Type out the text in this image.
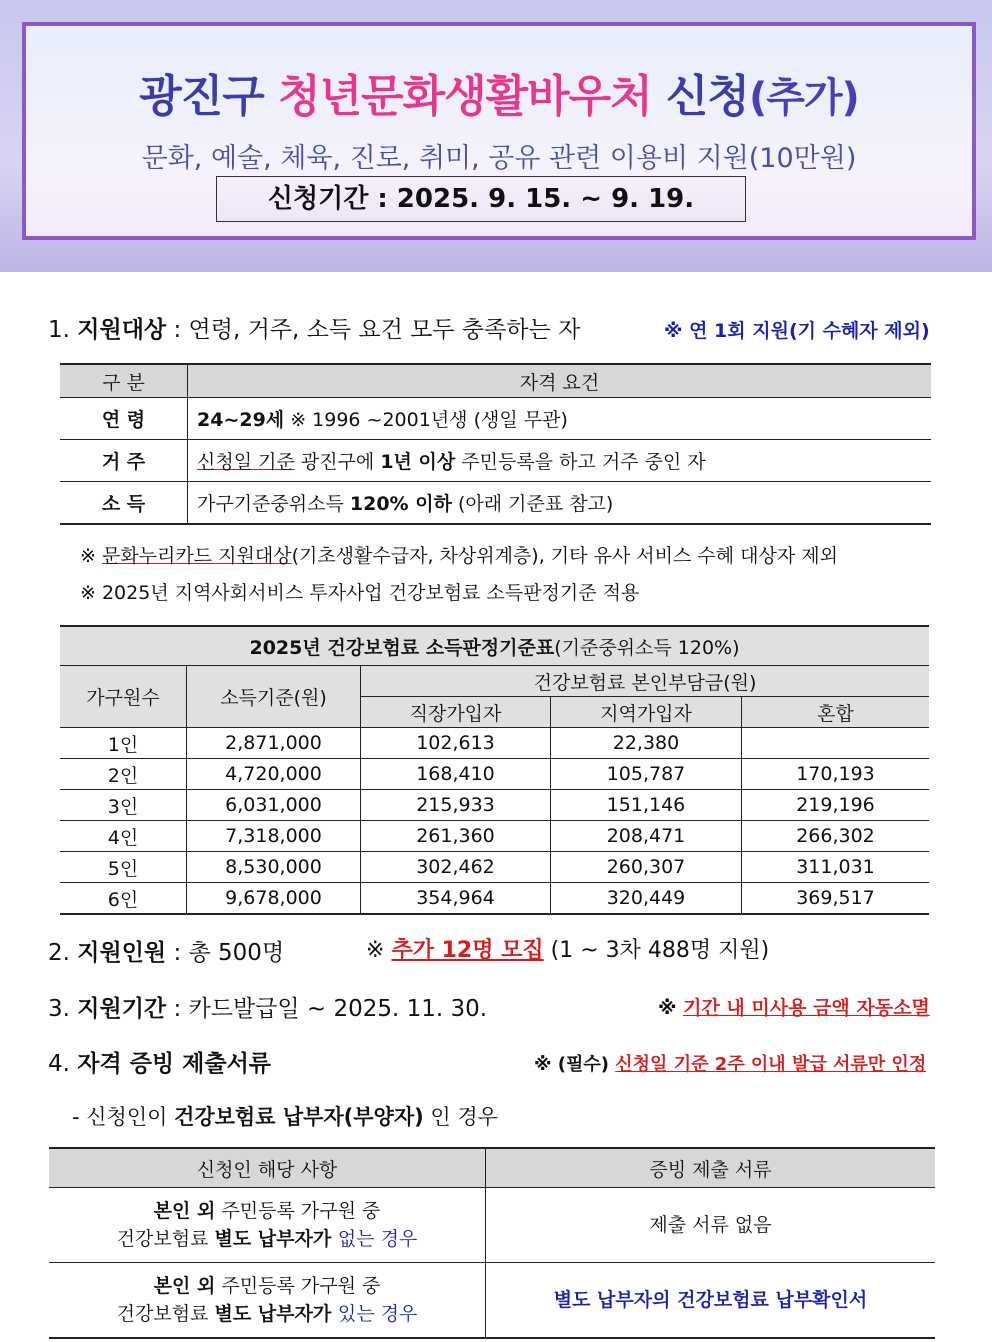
광진구 청년문화생활바우처 신청(추가)
문화, 예술, 체육, 진로, 취미, 공유 관련 이용비 지원(10만원)
신청기간 : 2025. 9. 15. ~ 9. 19.
1. 지원대상 : 연령, 거주, 소득 요건 모두 충족하는 자	※ 연 1회 지원(기 수혜자 제외)
구 분	자격 요건
연 령	24~29세 ※ 1996 ~2001년생 (생일 무관)
거 주	신청일 기준 광진구에 1년 이상 주민등록을 하고 거주 중인 자
소 득	가구기준중위소득 120% 이하 (아래 기준표 참고)
※ 문화누리카드 지원대상(기초생활수급자, 차상위계층), 기타 유사 서비스 수혜 대상자 제외
※ 2025년 지역사회서비스 투자사업 건강보험료 소득판정기준 적용
2025년 건강보험료 소득판정기준표(기준중위소득 120%)				
가구원수	소득기준(원)	건강보험료 본인부담금(원)		
		직장가입자	지역가입자	혼합
1인	2,871,000	102,613	22,380	
2인	4,720,000	168,410	105,787	170,193
3인	6,031,000	215,933	151,146	219,196
4인	7,318,000	261,360	208,471	266,302
5인	8,530,000	302,462	260,307	311,031
6인	9,678,000	354,964	320,449	369,517
2. 지원인원 : 총 500명	※ 추가 12명 모집 (1 ~ 3차 488명 지원)
3. 지원기간 : 카드발급일 ~ 2025. 11. 30.	※ 기간 내 미사용 금액 자동소멸
4. 자격 증빙 제출서류	※ (필수) 신청일 기준 2주 이내 발급 서류만 인정
- 신청인이 건강보험료 납부자(부양자) 인 경우
신청인 해당 사항	증빙 제출 서류
본인 외 주민등록 가구원 중
건강보험료 별도 납부자가 없는 경우	제출 서류 없음
본인 외 주민등록 가구원 중
건강보험료 별도 납부자가 있는 경우	별도 납부자의 건강보험료 납부확인서
